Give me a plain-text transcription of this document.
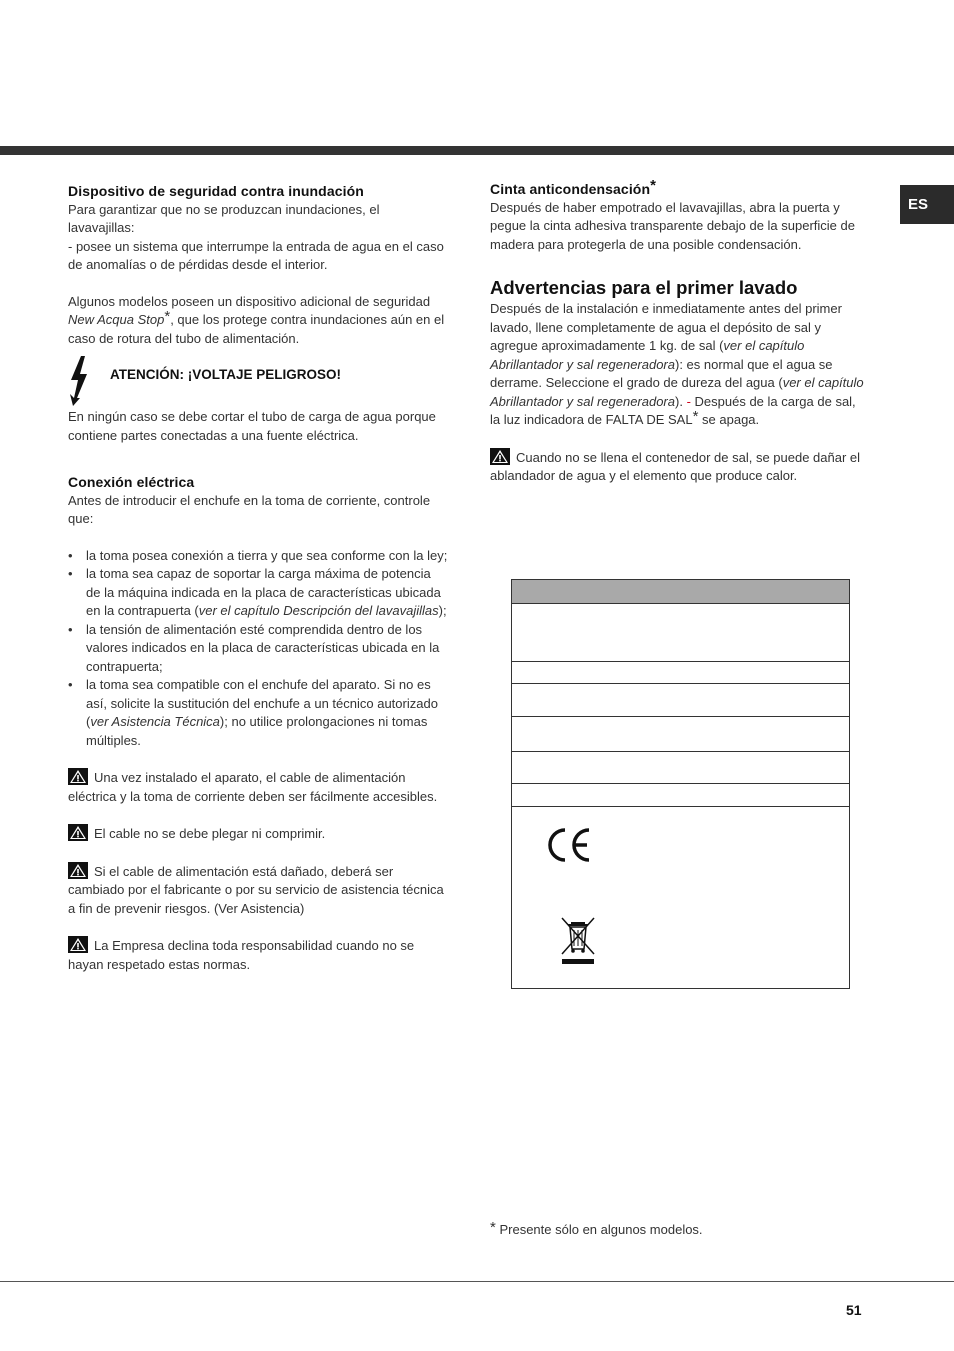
ES
Dispositivo de seguridad contra inundación

Para garantizar que no se produzcan inundaciones, el lavavajillas:

- posee un sistema que interrumpe la entrada de agua en el caso de anomalías o de pérdidas desde el interior.

Algunos modelos poseen un dispositivo adicional de seguridad New Acqua Stop*, que los protege contra inundaciones aún en el caso de rotura del tubo de alimentación.

ATENCIÓN: ¡VOLTAJE PELIGROSO!

En ningún caso se debe cortar el tubo de carga de agua porque contiene partes conectadas a una fuente eléctrica.

Conexión eléctrica

Antes de introducir el enchufe en la toma de corriente, controle que:

• la toma posea conexión a tierra y que sea conforme con la ley;
• la toma sea capaz de soportar la carga máxima de potencia de la máquina indicada en la placa de características ubicada en la contrapuerta (ver el capítulo Descripción del lavavajillas);
• la tensión de alimentación esté comprendida dentro de los valores indicados en la placa de características ubicada en la contrapuerta;
• la toma sea compatible con el enchufe del aparato. Si no es así, solicite la sustitución del enchufe a un técnico autorizado (ver Asistencia Técnica); no utilice prolongaciones ni tomas múltiples.

Una vez instalado el aparato, el cable de alimentación eléctrica y la toma de corriente deben ser fácilmente accesibles.

El cable no se debe plegar ni comprimir.

Si el cable de alimentación está dañado, deberá ser cambiado por el fabricante o por su servicio de asistencia técnica a fin de prevenir riesgos. (Ver Asistencia)

La Empresa declina toda responsabilidad cuando no se hayan respetado estas normas.

Cinta anticondensación*

Después de haber empotrado el lavavajillas, abra la puerta y pegue la cinta adhesiva transparente debajo de la superficie de madera para protegerla de una posible condensación.

Advertencias para el primer lavado

Después de la instalación e inmediatamente antes del primer lavado, llene completamente de agua el depósito de sal y agregue aproximadamente 1 kg. de sal (ver el capítulo Abrillantador y sal regeneradora): es normal que el agua se derrame. Seleccione el grado de dureza del agua (ver el capítulo Abrillantador y sal regeneradora). - Después de la carga de sal, la luz indicadora de FALTA DE SAL* se apaga.

Cuando no se llena el contenedor de sal, se puede dañar el ablandador de agua y el elemento que produce calor.

* Presente sólo en algunos modelos.
51
